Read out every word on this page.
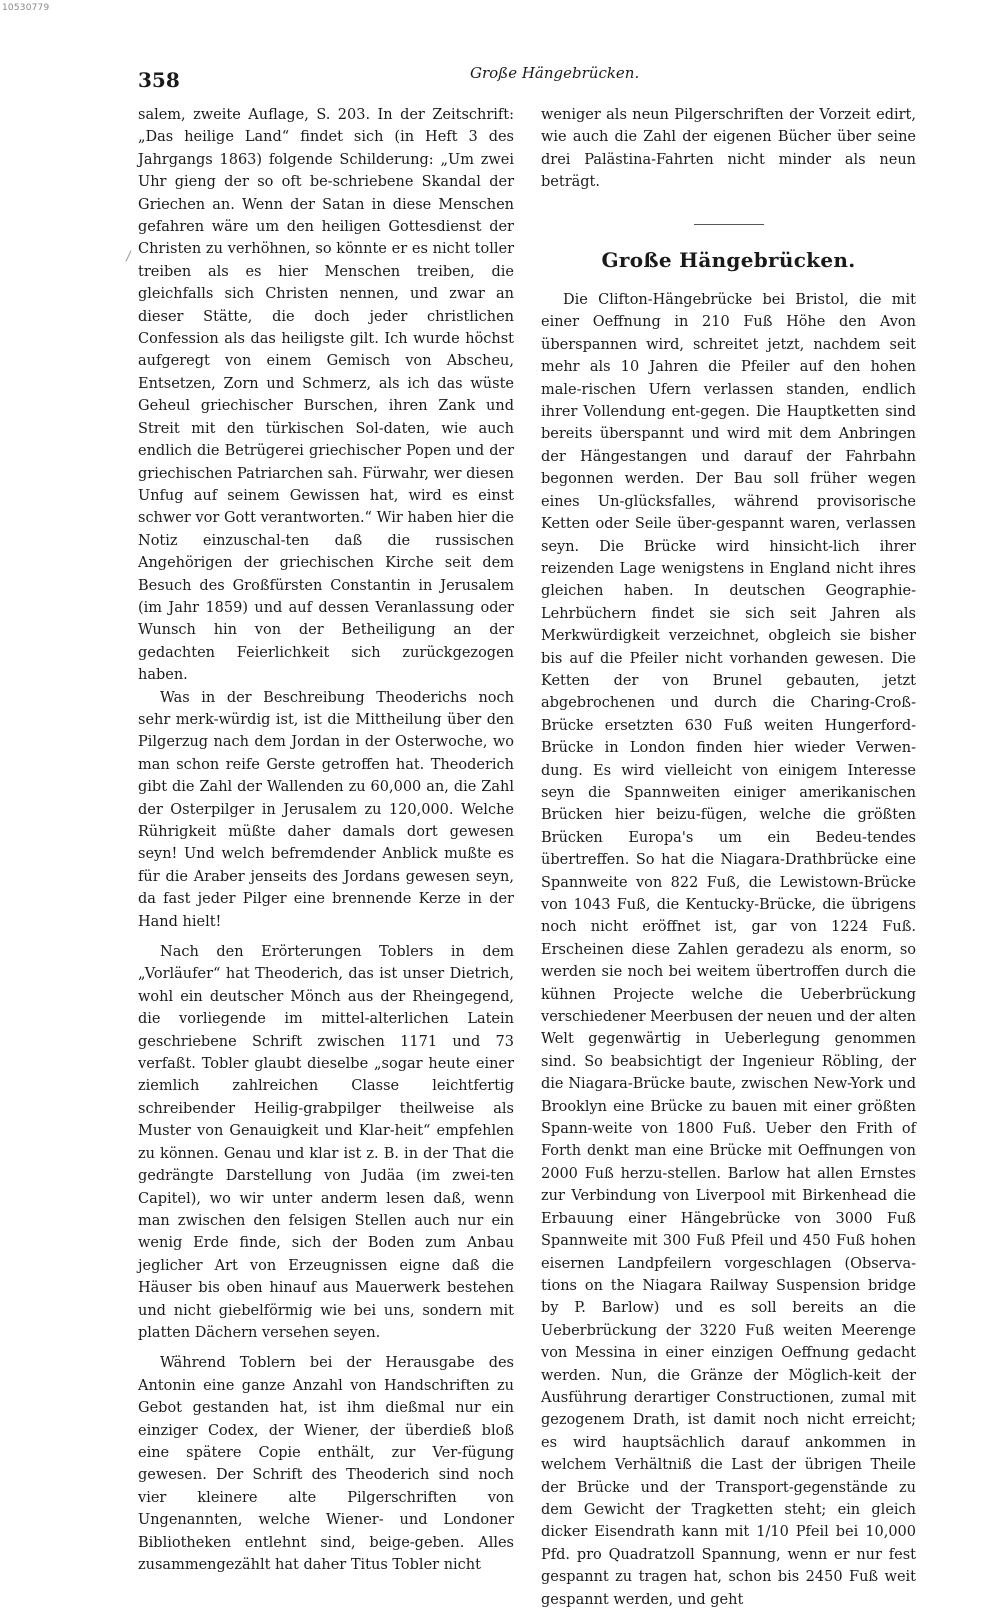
10530779
358	Große Hängebrücken.

salem, zweite Auflage, S. 203. In der Zeitschrift: „Das heilige Land“ findet sich (in Heft 3 des Jahrgangs 1863) folgende Schilderung: „Um zwei Uhr gieng der so oft be-schriebene Skandal der Griechen an. Wenn der Satan in diese Menschen gefahren wäre um den heiligen Gottesdienst der Christen zu verhöhnen, so könnte er es nicht toller treiben als es hier Menschen treiben, die gleichfalls sich Christen nennen, und zwar an dieser Stätte, die doch jeder christlichen Confession als das heiligste gilt. Ich wurde höchst aufgeregt von einem Gemisch von Abscheu, Entsetzen, Zorn und Schmerz, als ich das wüste Geheul griechischer Burschen, ihren Zank und Streit mit den türkischen Sol-daten, wie auch endlich die Betrügerei griechischer Popen und der griechischen Patriarchen sah. Fürwahr, wer diesen Unfug auf seinem Gewissen hat, wird es einst schwer vor Gott verantworten.“ Wir haben hier die Notiz einzuschal-ten daß die russischen Angehörigen der griechischen Kirche seit dem Besuch des Großfürsten Constantin in Jerusalem (im Jahr 1859) und auf dessen Veranlassung oder Wunsch hin von der Betheiligung an der gedachten Feierlichkeit sich zurückgezogen haben.

Was in der Beschreibung Theoderichs noch sehr merk-würdig ist, ist die Mittheilung über den Pilgerzug nach dem Jordan in der Osterwoche, wo man schon reife Gerste getroffen hat. Theoderich gibt die Zahl der Wallenden zu 60,000 an, die Zahl der Osterpilger in Jerusalem zu 120,000. Welche Rührigkeit müßte daher damals dort gewesen seyn! Und welch befremdender Anblick mußte es für die Araber jenseits des Jordans gewesen seyn, da fast jeder Pilger eine brennende Kerze in der Hand hielt!

Nach den Erörterungen Toblers in dem „Vorläufer“ hat Theoderich, das ist unser Dietrich, wohl ein deutscher Mönch aus der Rheingegend, die vorliegende im mittel-alterlichen Latein geschriebene Schrift zwischen 1171 und 73 verfaßt. Tobler glaubt dieselbe „sogar heute einer ziemlich zahlreichen Classe leichtfertig schreibender Heilig-grabpilger theilweise als Muster von Genauigkeit und Klar-heit“ empfehlen zu können. Genau und klar ist z. B. in der That die gedrängte Darstellung von Judäa (im zwei-ten Capitel), wo wir unter anderm lesen daß, wenn man zwischen den felsigen Stellen auch nur ein wenig Erde finde, sich der Boden zum Anbau jeglicher Art von Erzeugnissen eigne daß die Häuser bis oben hinauf aus Mauerwerk bestehen und nicht giebelförmig wie bei uns, sondern mit platten Dächern versehen seyen.

Während Toblern bei der Herausgabe des Antonin eine ganze Anzahl von Handschriften zu Gebot gestanden hat, ist ihm dießmal nur ein einziger Codex, der Wiener, der überdieß bloß eine spätere Copie enthält, zur Ver-fügung gewesen. Der Schrift des Theoderich sind noch vier kleinere alte Pilgerschriften von Ungenannten, welche Wiener- und Londoner Bibliotheken entlehnt sind, beige-geben. Alles zusammengezählt hat daher Titus Tobler nicht

weniger als neun Pilgerschriften der Vorzeit edirt, wie auch die Zahl der eigenen Bücher über seine drei Palästina-Fahrten nicht minder als neun beträgt.

Große Hängebrücken.

Die Clifton-Hängebrücke bei Bristol, die mit einer Oeffnung in 210 Fuß Höhe den Avon überspannen wird, schreitet jetzt, nachdem seit mehr als 10 Jahren die Pfeiler auf den hohen male-rischen Ufern verlassen standen, endlich ihrer Vollendung ent-gegen. Die Hauptketten sind bereits überspannt und wird mit dem Anbringen der Hängestangen und darauf der Fahrbahn begonnen werden. Der Bau soll früher wegen eines Un-glücksfalles, während provisorische Ketten oder Seile über-gespannt waren, verlassen seyn. Die Brücke wird hinsicht-lich ihrer reizenden Lage wenigstens in England nicht ihres gleichen haben. In deutschen Geographie-Lehrbüchern findet sie sich seit Jahren als Merkwürdigkeit verzeichnet, obgleich sie bisher bis auf die Pfeiler nicht vorhanden gewesen. Die Ketten der von Brunel gebauten, jetzt abgebrochenen und durch die Charing-Croß-Brücke ersetzten 630 Fuß weiten Hungerford-Brücke in London finden hier wieder Verwen-dung. Es wird vielleicht von einigem Interesse seyn die Spannweiten einiger amerikanischen Brücken hier beizu-fügen, welche die größten Brücken Europa's um ein Bedeu-tendes übertreffen. So hat die Niagara-Drathbrücke eine Spannweite von 822 Fuß, die Lewistown-Brücke von 1043 Fuß, die Kentucky-Brücke, die übrigens noch nicht eröffnet ist, gar von 1224 Fuß. Erscheinen diese Zahlen geradezu als enorm, so werden sie noch bei weitem übertroffen durch die kühnen Projecte welche die Ueberbrückung verschiedener Meerbusen der neuen und der alten Welt gegenwärtig in Ueberlegung genommen sind. So beabsichtigt der Ingenieur Röbling, der die Niagara-Brücke baute, zwischen New-York und Brooklyn eine Brücke zu bauen mit einer größten Spann-weite von 1800 Fuß. Ueber den Frith of Forth denkt man eine Brücke mit Oeffnungen von 2000 Fuß herzu-stellen. Barlow hat allen Ernstes zur Verbindung von Liverpool mit Birkenhead die Erbauung einer Hängebrücke von 3000 Fuß Spannweite mit 300 Fuß Pfeil und 450 Fuß hohen eisernen Landpfeilern vorgeschlagen (Observa-tions on the Niagara Railway Suspension bridge by P. Barlow) und es soll bereits an die Ueberbrückung der 3220 Fuß weiten Meerenge von Messina in einer einzigen Oeffnung gedacht werden. Nun, die Gränze der Möglich-keit der Ausführung derartiger Constructionen, zumal mit gezogenem Drath, ist damit noch nicht erreicht; es wird hauptsächlich darauf ankommen in welchem Verhältniß die Last der übrigen Theile der Brücke und der Transport-gegenstände zu dem Gewicht der Tragketten steht; ein gleich dicker Eisendrath kann mit 1/10 Pfeil bei 10,000 Pfd. pro Quadratzoll Spannung, wenn er nur fest gespannt zu tragen hat, schon bis 2450 Fuß weit gespannt werden, und geht
